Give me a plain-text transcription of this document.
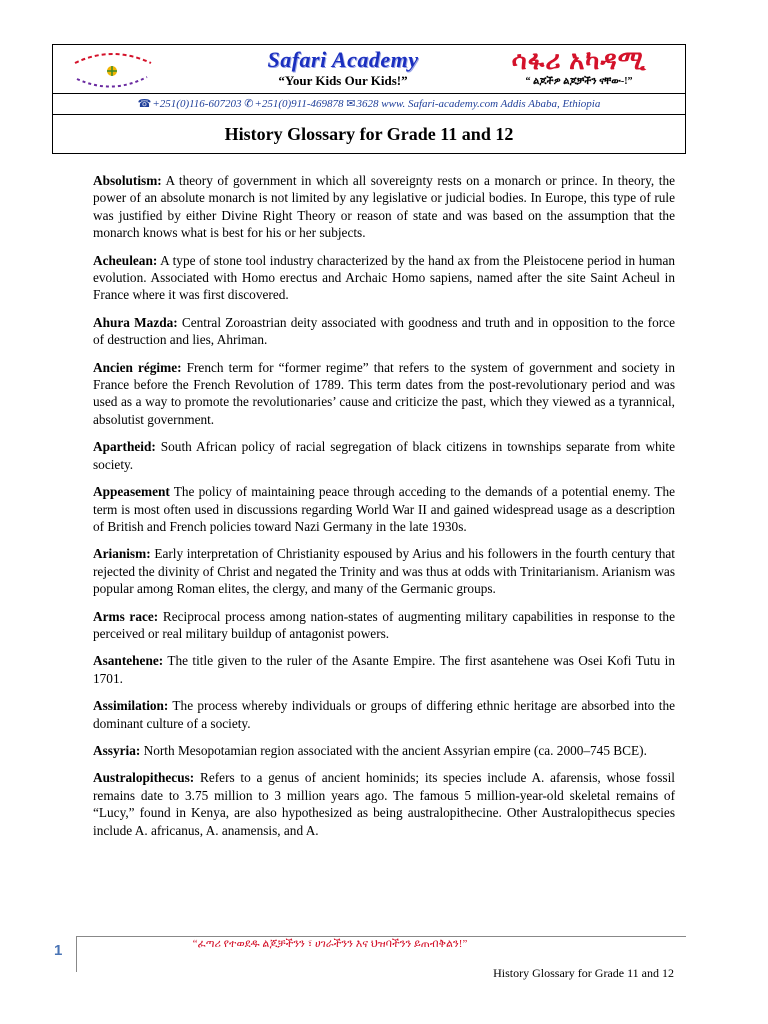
Safari Academy
“Your Kids Our Kids!”
ሳፋሪ አካዳሚ
“ ልጆችዎ ልጆቻችን ናቸው-!”
☎+251(0)116-607203 ✆+251(0)911-469878 ✉3628 www. Safari-academy.com Addis Ababa, Ethiopia
History Glossary for Grade 11 and 12

Absolutism: A theory of government in which all sovereignty rests on a monarch or prince. In theory, the power of an absolute monarch is not limited by any legislative or judicial bodies. In Europe, this type of rule was justified by either Divine Right Theory or reason of state and was based on the assumption that the monarch knows what is best for his or her subjects.

Acheulean: A type of stone tool industry characterized by the hand ax from the Pleistocene period in human evolution. Associated with Homo erectus and Archaic Homo sapiens, named after the site Saint Acheul in France where it was first discovered.

Ahura Mazda: Central Zoroastrian deity associated with goodness and truth and in opposition to the force of destruction and lies, Ahriman.

Ancien régime: French term for “former regime” that refers to the system of government and society in France before the French Revolution of 1789. This term dates from the post-revolutionary period and was used as a way to promote the revolutionaries’ cause and criticize the past, which they viewed as a tyrannical, absolutist government.

Apartheid: South African policy of racial segregation of black citizens in townships separate from white society.

Appeasement The policy of maintaining peace through acceding to the demands of a potential enemy. The term is most often used in discussions regarding World War II and gained widespread usage as a description of British and French policies toward Nazi Germany in the late 1930s.

Arianism: Early interpretation of Christianity espoused by Arius and his followers in the fourth century that rejected the divinity of Christ and negated the Trinity and was thus at odds with Trinitarianism. Arianism was popular among Roman elites, the clergy, and many of the Germanic groups.

Arms race: Reciprocal process among nation-states of augmenting military capabilities in response to the perceived or real military buildup of antagonist powers.

Asantehene: The title given to the ruler of the Asante Empire. The first asantehene was Osei Kofi Tutu in 1701.

Assimilation: The process whereby individuals or groups of differing ethnic heritage are absorbed into the dominant culture of a society.

Assyria: North Mesopotamian region associated with the ancient Assyrian empire (ca. 2000–745 BCE).

Australopithecus: Refers to a genus of ancient hominids; its species include A. afarensis, whose fossil remains date to 3.75 million to 3 million years ago. The famous 5 million-year-old skeletal remains of “Lucy,” found in Kenya, are also hypothesized as being australopithecine. Other Australopithecus species include A. africanus, A. anamensis, and A.

1	“ፈጣሪ የተወደዱ ልጆቻችንን ፣ ሀገራችንን እና ህዝባችንን ይጠብቅልን!”
History Glossary for Grade 11 and 12
